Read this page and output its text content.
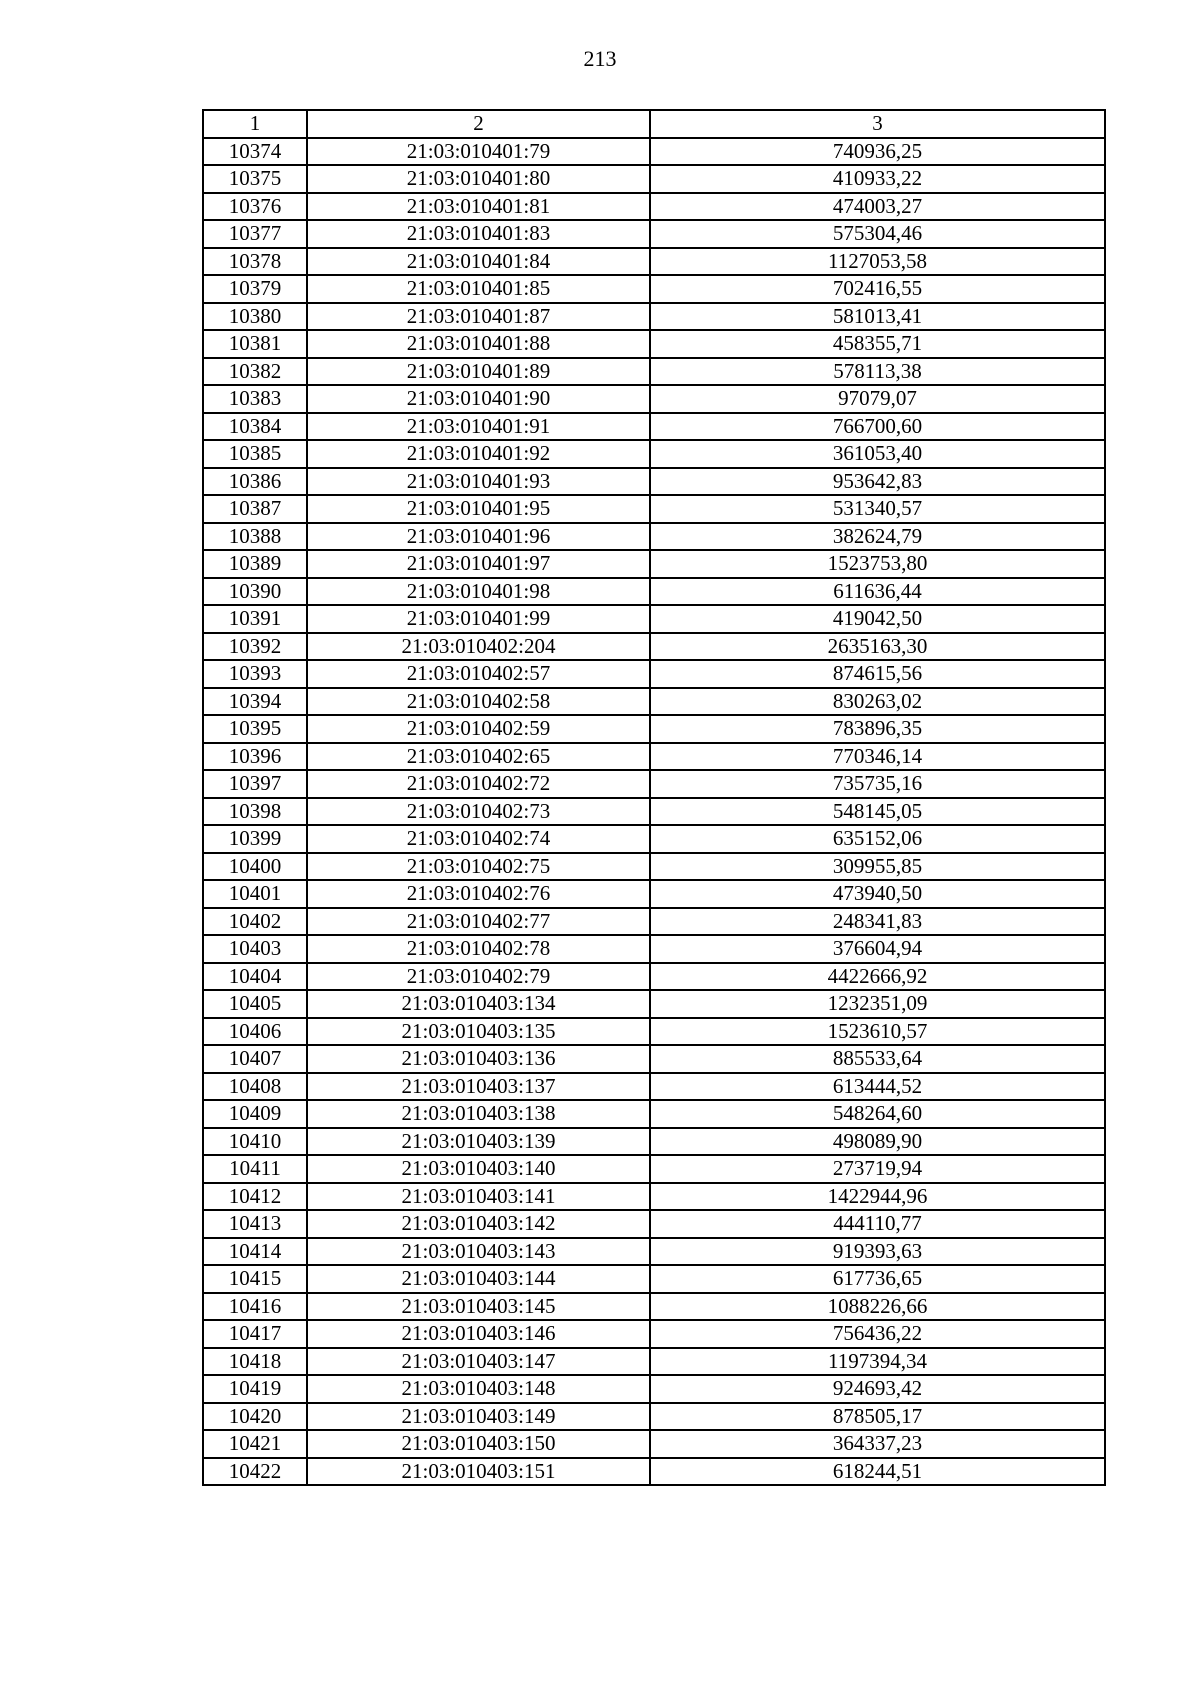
213
1	2	3
10374	21:03:010401:79	740936,25
10375	21:03:010401:80	410933,22
10376	21:03:010401:81	474003,27
10377	21:03:010401:83	575304,46
10378	21:03:010401:84	1127053,58
10379	21:03:010401:85	702416,55
10380	21:03:010401:87	581013,41
10381	21:03:010401:88	458355,71
10382	21:03:010401:89	578113,38
10383	21:03:010401:90	97079,07
10384	21:03:010401:91	766700,60
10385	21:03:010401:92	361053,40
10386	21:03:010401:93	953642,83
10387	21:03:010401:95	531340,57
10388	21:03:010401:96	382624,79
10389	21:03:010401:97	1523753,80
10390	21:03:010401:98	611636,44
10391	21:03:010401:99	419042,50
10392	21:03:010402:204	2635163,30
10393	21:03:010402:57	874615,56
10394	21:03:010402:58	830263,02
10395	21:03:010402:59	783896,35
10396	21:03:010402:65	770346,14
10397	21:03:010402:72	735735,16
10398	21:03:010402:73	548145,05
10399	21:03:010402:74	635152,06
10400	21:03:010402:75	309955,85
10401	21:03:010402:76	473940,50
10402	21:03:010402:77	248341,83
10403	21:03:010402:78	376604,94
10404	21:03:010402:79	4422666,92
10405	21:03:010403:134	1232351,09
10406	21:03:010403:135	1523610,57
10407	21:03:010403:136	885533,64
10408	21:03:010403:137	613444,52
10409	21:03:010403:138	548264,60
10410	21:03:010403:139	498089,90
10411	21:03:010403:140	273719,94
10412	21:03:010403:141	1422944,96
10413	21:03:010403:142	444110,77
10414	21:03:010403:143	919393,63
10415	21:03:010403:144	617736,65
10416	21:03:010403:145	1088226,66
10417	21:03:010403:146	756436,22
10418	21:03:010403:147	1197394,34
10419	21:03:010403:148	924693,42
10420	21:03:010403:149	878505,17
10421	21:03:010403:150	364337,23
10422	21:03:010403:151	618244,51
